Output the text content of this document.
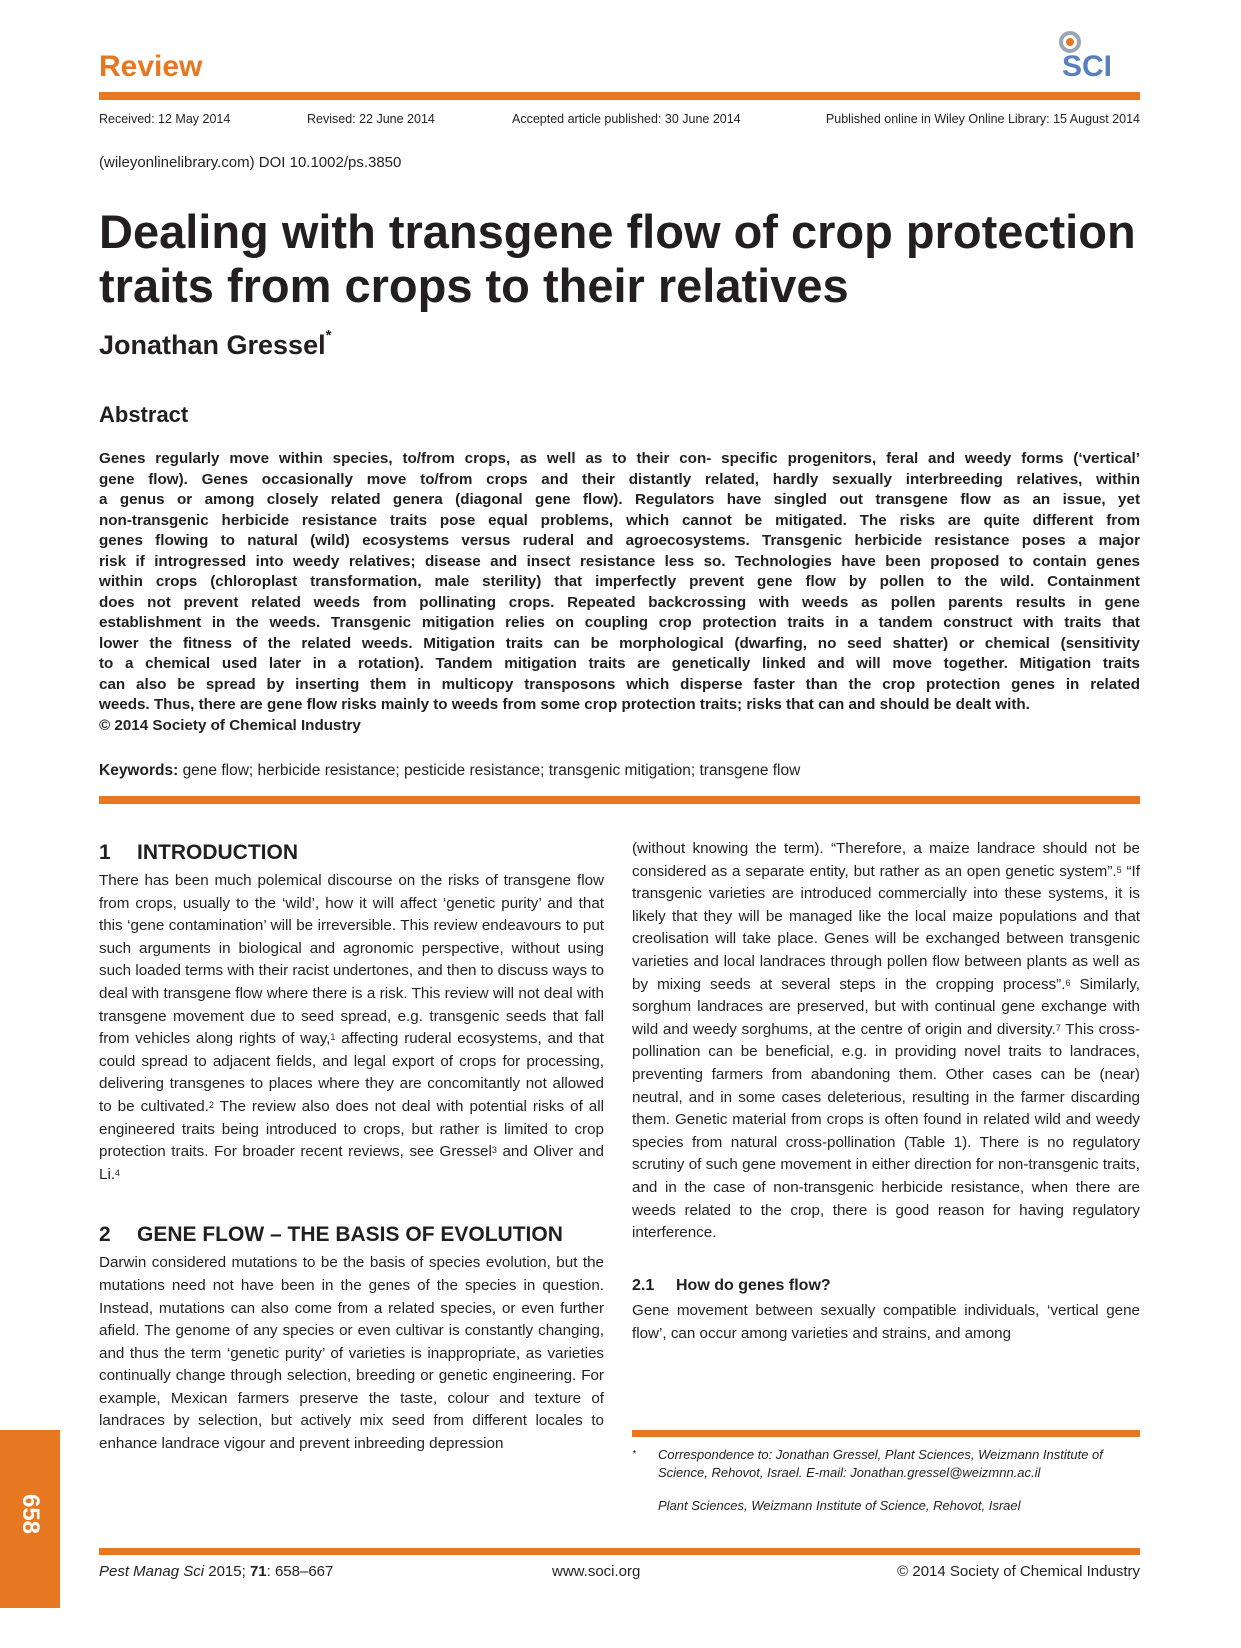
Review	SCI
Received: 12 May 2014	Revised: 22 June 2014	Accepted article published: 30 June 2014	Published online in Wiley Online Library: 15 August 2014
(wileyonlinelibrary.com) DOI 10.1002/ps.3850
Dealing with transgene flow of crop protection traits from crops to their relatives
Jonathan Gressel*
Abstract
Genes regularly move within species, to/from crops, as well as to their con- specific progenitors, feral and weedy forms (‘vertical’
gene flow). Genes occasionally move to/from crops and their distantly related, hardly sexually interbreeding relatives, within
a genus or among closely related genera (diagonal gene flow). Regulators have singled out transgene flow as an issue, yet
non-transgenic herbicide resistance traits pose equal problems, which cannot be mitigated. The risks are quite different from
genes flowing to natural (wild) ecosystems versus ruderal and agroecosystems. Transgenic herbicide resistance poses a major
risk if introgressed into weedy relatives; disease and insect resistance less so. Technologies have been proposed to contain genes
within crops (chloroplast transformation, male sterility) that imperfectly prevent gene flow by pollen to the wild. Containment
does not prevent related weeds from pollinating crops. Repeated backcrossing with weeds as pollen parents results in gene
establishment in the weeds. Transgenic mitigation relies on coupling crop protection traits in a tandem construct with traits that
lower the fitness of the related weeds. Mitigation traits can be morphological (dwarfing, no seed shatter) or chemical (sensitivity
to a chemical used later in a rotation). Tandem mitigation traits are genetically linked and will move together. Mitigation traits
can also be spread by inserting them in multicopy transposons which disperse faster than the crop protection genes in related
weeds. Thus, there are gene flow risks mainly to weeds from some crop protection traits; risks that can and should be dealt with.
© 2014 Society of Chemical Industry
Keywords: gene flow; herbicide resistance; pesticide resistance; transgenic mitigation; transgene flow
1 INTRODUCTION

There has been much polemical discourse on the risks of transgene flow from crops, usually to the ‘wild’, how it will affect ‘genetic purity’ and that this ‘gene contamination’ will be irreversible. This review endeavours to put such arguments in biological and agronomic perspective, without using such loaded terms with their racist undertones, and then to discuss ways to deal with transgene flow where there is a risk. This review will not deal with transgene movement due to seed spread, e.g. transgenic seeds that fall from vehicles along rights of way,$^1$ affecting ruderal ecosystems, and that could spread to adjacent fields, and legal export of crops for processing, delivering transgenes to places where they are concomitantly not allowed to be cultivated.$^2$ The review also does not deal with potential risks of all engineered traits being introduced to crops, but rather is limited to crop protection traits. For broader recent reviews, see Gressel$^3$ and Oliver and Li.$^4$

2 GENE FLOW – THE BASIS OF EVOLUTION

Darwin considered mutations to be the basis of species evolution, but the mutations need not have been in the genes of the species in question. Instead, mutations can also come from a related species, or even further afield. The genome of any species or even cultivar is constantly changing, and thus the term ‘genetic purity’ of varieties is inappropriate, as varieties continually change through selection, breeding or genetic engineering. For example, Mexican farmers preserve the taste, colour and texture of landraces by selection, but actively mix seed from different locales to enhance landrace vigour and prevent inbreeding depression

(without knowing the term). “Therefore, a maize landrace should not be considered as a separate entity, but rather as an open genetic system”.$^5$ “If transgenic varieties are introduced commercially into these systems, it is likely that they will be managed like the local maize populations and that creolisation will take place. Genes will be exchanged between transgenic varieties and local landraces through pollen flow between plants as well as by mixing seeds at several steps in the cropping process”.$^6$ Similarly, sorghum landraces are preserved, but with continual gene exchange with wild and weedy sorghums, at the centre of origin and diversity.$^7$ This cross-pollination can be beneficial, e.g. in providing novel traits to landraces, preventing farmers from abandoning them. Other cases can be (near) neutral, and in some cases deleterious, resulting in the farmer discarding them. Genetic material from crops is often found in related wild and weedy species from natural cross-pollination (Table 1). There is no regulatory scrutiny of such gene movement in either direction for non-transgenic traits, and in the case of non-transgenic herbicide resistance, when there are weeds related to the crop, there is good reason for having regulatory interference.

2.1 How do genes flow?

Gene movement between sexually compatible individuals, ‘vertical gene flow’, can occur among varieties and strains, and among

* Correspondence to: Jonathan Gressel, Plant Sciences, Weizmann Institute of Science, Rehovot, Israel. E-mail: Jonathan.gressel@weizmnn.ac.il
Plant Sciences, Weizmann Institute of Science, Rehovot, Israel
658
Pest Manag Sci 2015; 71: 658–667	www.soci.org	© 2014 Society of Chemical Industry
